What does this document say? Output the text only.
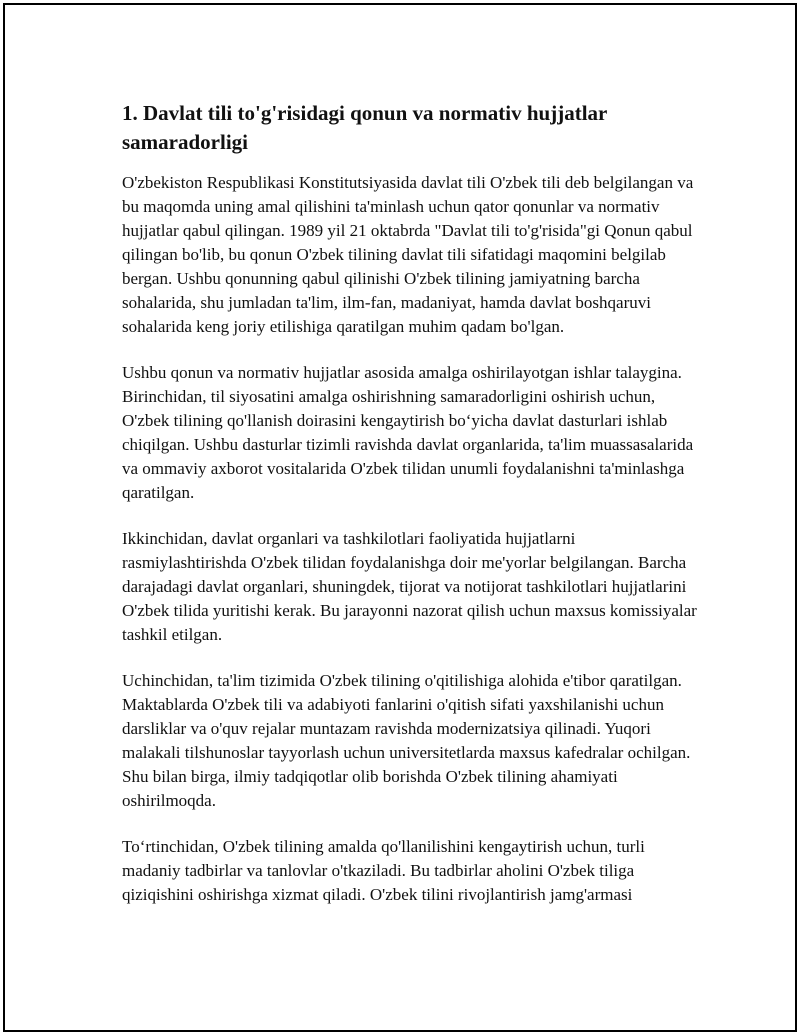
1. Davlat tili to'g'risidagi qonun va normativ hujjatlar samaradorligi

O'zbekiston Respublikasi Konstitutsiyasida davlat tili O'zbek tili deb belgilangan va bu maqomda uning amal qilishini ta'minlash uchun qator qonunlar va normativ hujjatlar qabul qilingan. 1989 yil 21 oktabrda "Davlat tili to'g'risida"gi Qonun qabul qilingan bo'lib, bu qonun O'zbek tilining davlat tili sifatidagi maqomini belgilab bergan. Ushbu qonunning qabul qilinishi O'zbek tilining jamiyatning barcha sohalarida, shu jumladan ta'lim, ilm-fan, madaniyat, hamda davlat boshqaruvi sohalarida keng joriy etilishiga qaratilgan muhim qadam bo'lgan.

Ushbu qonun va normativ hujjatlar asosida amalga oshirilayotgan ishlar talaygina. Birinchidan, til siyosatini amalga oshirishning samaradorligini oshirish uchun, O'zbek tilining qo'llanish doirasini kengaytirish bo‘yicha davlat dasturlari ishlab chiqilgan. Ushbu dasturlar tizimli ravishda davlat organlarida, ta'lim muassasalarida va ommaviy axborot vositalarida O'zbek tilidan unumli foydalanishni ta'minlashga qaratilgan.

Ikkinchidan, davlat organlari va tashkilotlari faoliyatida hujjatlarni rasmiylashtirishda O'zbek tilidan foydalanishga doir me'yorlar belgilangan. Barcha darajadagi davlat organlari, shuningdek, tijorat va notijorat tashkilotlari hujjatlarini O'zbek tilida yuritishi kerak. Bu jarayonni nazorat qilish uchun maxsus komissiyalar tashkil etilgan.

Uchinchidan, ta'lim tizimida O'zbek tilining o'qitilishiga alohida e'tibor qaratilgan. Maktablarda O'zbek tili va adabiyoti fanlarini o'qitish sifati yaxshilanishi uchun darsliklar va o'quv rejalar muntazam ravishda modernizatsiya qilinadi. Yuqori malakali tilshunoslar tayyorlash uchun universitetlarda maxsus kafedralar ochilgan. Shu bilan birga, ilmiy tadqiqotlar olib borishda O'zbek tilining ahamiyati oshirilmoqda.

To‘rtinchidan, O'zbek tilining amalda qo'llanilishini kengaytirish uchun, turli madaniy tadbirlar va tanlovlar o'tkaziladi. Bu tadbirlar aholini O'zbek tiliga qiziqishini oshirishga xizmat qiladi. O'zbek tilini rivojlantirish jamg'armasi
